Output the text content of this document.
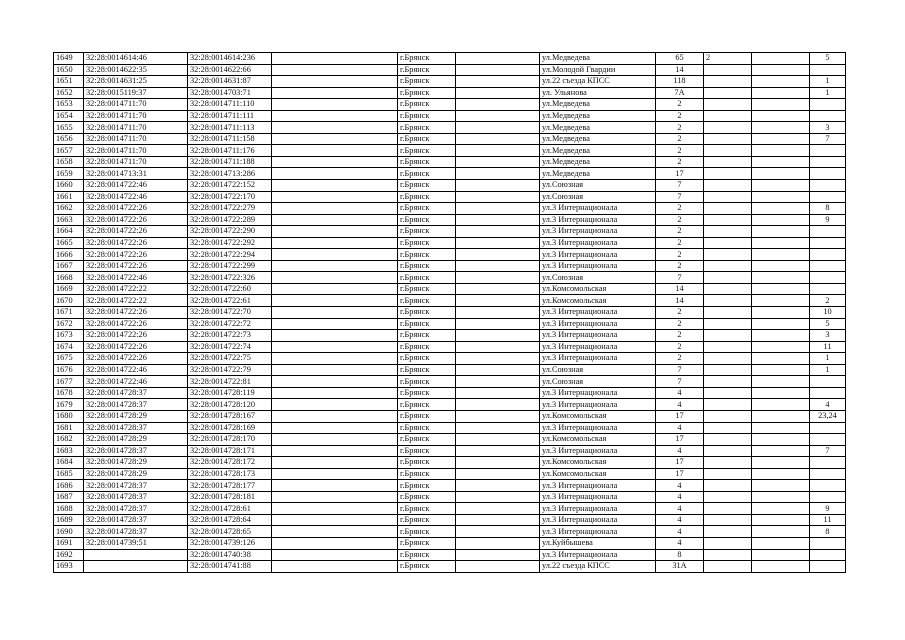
1649	32:28:0014614:46	32:28:0014614:236		г.Брянск		ул.Медведева	65	2		5
1650	32:28:0014622:35	32:28:0014622:66		г.Брянск		ул.Молодой Гвардии	14			
1651	32:28:0014631:25	32:28:0014631:87		г.Брянск		ул.22 съезда КПСС	118			1
1652	32:28:0015119:37	32:28:0014703:71		г.Брянск		ул. Ульянова	7А			1
1653	32:28:0014711:70	32:28:0014711:110		г.Брянск		ул.Медведева	2			
1654	32:28:0014711:70	32:28:0014711:111		г.Брянск		ул.Медведева	2			
1655	32:28:0014711:70	32:28:0014711:113		г.Брянск		ул.Медведева	2			3
1656	32:28:0014711:70	32:28:0014711:158		г.Брянск		ул.Медведева	2			7
1657	32:28:0014711:70	32:28:0014711:176		г.Брянск		ул.Медведева	2			
1658	32:28:0014711:70	32:28:0014711:188		г.Брянск		ул.Медведева	2			
1659	32:28:0014713:31	32:28:0014713:286		г.Брянск		ул.Медведева	17			
1660	32:28:0014722:46	32:28:0014722:152		г.Брянск		ул.Союзная	7			
1661	32:28:0014722:46	32:28:0014722:170		г.Брянск		ул.Союзная	7			
1662	32:28:0014722:26	32:28:0014722:279		г.Брянск		ул.3 Интернационала	2			8
1663	32:28:0014722:26	32:28:0014722:289		г.Брянск		ул.3 Интернационала	2			9
1664	32:28:0014722:26	32:28:0014722:290		г.Брянск		ул.3 Интернационала	2			
1665	32:28:0014722:26	32:28:0014722:292		г.Брянск		ул.3 Интернационала	2			
1666	32:28:0014722:26	32:28:0014722:294		г.Брянск		ул.3 Интернационала	2			
1667	32:28:0014722:26	32:28:0014722:299		г.Брянск		ул.3 Интернационала	2			
1668	32:28:0014722:46	32:28:0014722:326		г.Брянск		ул.Союзная	7			
1669	32:28:0014722:22	32:28:0014722:60		г.Брянск		ул.Комсомольская	14			
1670	32:28:0014722:22	32:28:0014722:61		г.Брянск		ул.Комсомольская	14			2
1671	32:28:0014722:26	32:28:0014722:70		г.Брянск		ул.3 Интернационала	2			10
1672	32:28:0014722:26	32:28:0014722:72		г.Брянск		ул.3 Интернационала	2			5
1673	32:28:0014722:26	32:28:0014722:73		г.Брянск		ул.3 Интернационала	2			3
1674	32:28:0014722:26	32:28:0014722:74		г.Брянск		ул.3 Интернационала	2			11
1675	32:28:0014722:26	32:28:0014722:75		г.Брянск		ул.3 Интернационала	2			1
1676	32:28:0014722:46	32:28:0014722:79		г.Брянск		ул.Союзная	7			1
1677	32:28:0014722:46	32:28:0014722:81		г.Брянск		ул.Союзная	7			
1678	32:28:0014728:37	32:28:0014728:119		г.Брянск		ул.3 Интернационала	4			
1679	32:28:0014728:37	32:28:0014728:120		г.Брянск		ул.3 Интернационала	4			4
1680	32:28:0014728:29	32:28:0014728:167		г.Брянск		ул.Комсомольская	17			23,24
1681	32:28:0014728:37	32:28:0014728:169		г.Брянск		ул.3 Интернационала	4			
1682	32:28:0014728:29	32:28:0014728:170		г.Брянск		ул.Комсомольская	17			
1683	32:28:0014728:37	32:28:0014728:171		г.Брянск		ул.3 Интернационала	4			7
1684	32:28:0014728:29	32:28:0014728:172		г.Брянск		ул.Комсомольская	17			
1685	32:28:0014728:29	32:28:0014728:173		г.Брянск		ул.Комсомольская	17			
1686	32:28:0014728:37	32:28:0014728:177		г.Брянск		ул.3 Интернационала	4			
1687	32:28:0014728:37	32:28:0014728:181		г.Брянск		ул.3 Интернационала	4			
1688	32:28:0014728:37	32:28:0014728:61		г.Брянск		ул.3 Интернационала	4			9
1689	32:28:0014728:37	32:28:0014728:64		г.Брянск		ул.3 Интернационала	4			11
1690	32:28:0014728:37	32:28:0014728:65		г.Брянск		ул.3 Интернационала	4			8
1691	32:28:0014739:51	32:28:0014739:126		г.Брянск		ул.Куйбышева	4			
1692		32:28:0014740:38		г.Брянск		ул.3 Интернационала	8			
1693		32:28:0014741:88		г.Брянск		ул.22 съезда КПСС	31А			
